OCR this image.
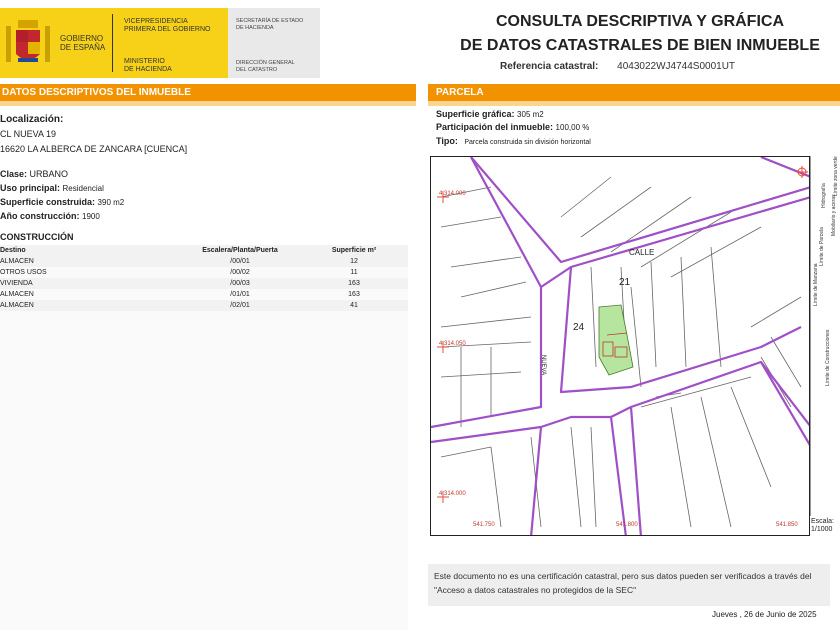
GOBIERNO
DE ESPAÑA
VICEPRESIDENCIA
PRIMERA DEL GOBIERNO
MINISTERIO
DE HACIENDA
SECRETARÍA DE ESTADO
DE HACIENDA
DIRECCIÓN GENERAL
DEL CATASTRO
CONSULTA DESCRIPTIVA Y GRÁFICA
DE DATOS CATASTRALES DE BIEN INMUEBLE
Referencia catastral: 4043022WJ4744S0001UT
DATOS DESCRIPTIVOS DEL INMUEBLE
Localización:
CL NUEVA 19
16620 LA ALBERCA DE ZANCARA [CUENCA]
Clase: URBANO
Uso principal: Residencial
Superficie construida: 390 m2
Año construcción: 1900
CONSTRUCCIÓN
Destino	Escalera/Planta/Puerta	Superficie m²
ALMACEN	/00/01	12
OTROS USOS	/00/02	11
VIVIENDA	/00/03	163
ALMACEN	/01/01	163
ALMACEN	/02/01	41
PARCELA
Superficie gráfica: 305 m2
Participación del inmueble: 100,00 %
Tipo: Parcela construida sin división horizontal
4.314.000
4.314.050
4.314.000
541.750	541.800	541.850
CALLE
NUEVA
21
24
Límite de Manzana
Límite de Parcela
Límite de Construcciones
Mobiliario y aceras
Límite zona verde
Hidrografía
Escala:
1/1000
Este documento no es una certificación catastral, pero sus datos pueden ser verificados a través del "Acceso a datos catastrales no protegidos de la SEC"
Jueves , 26 de Junio de 2025
